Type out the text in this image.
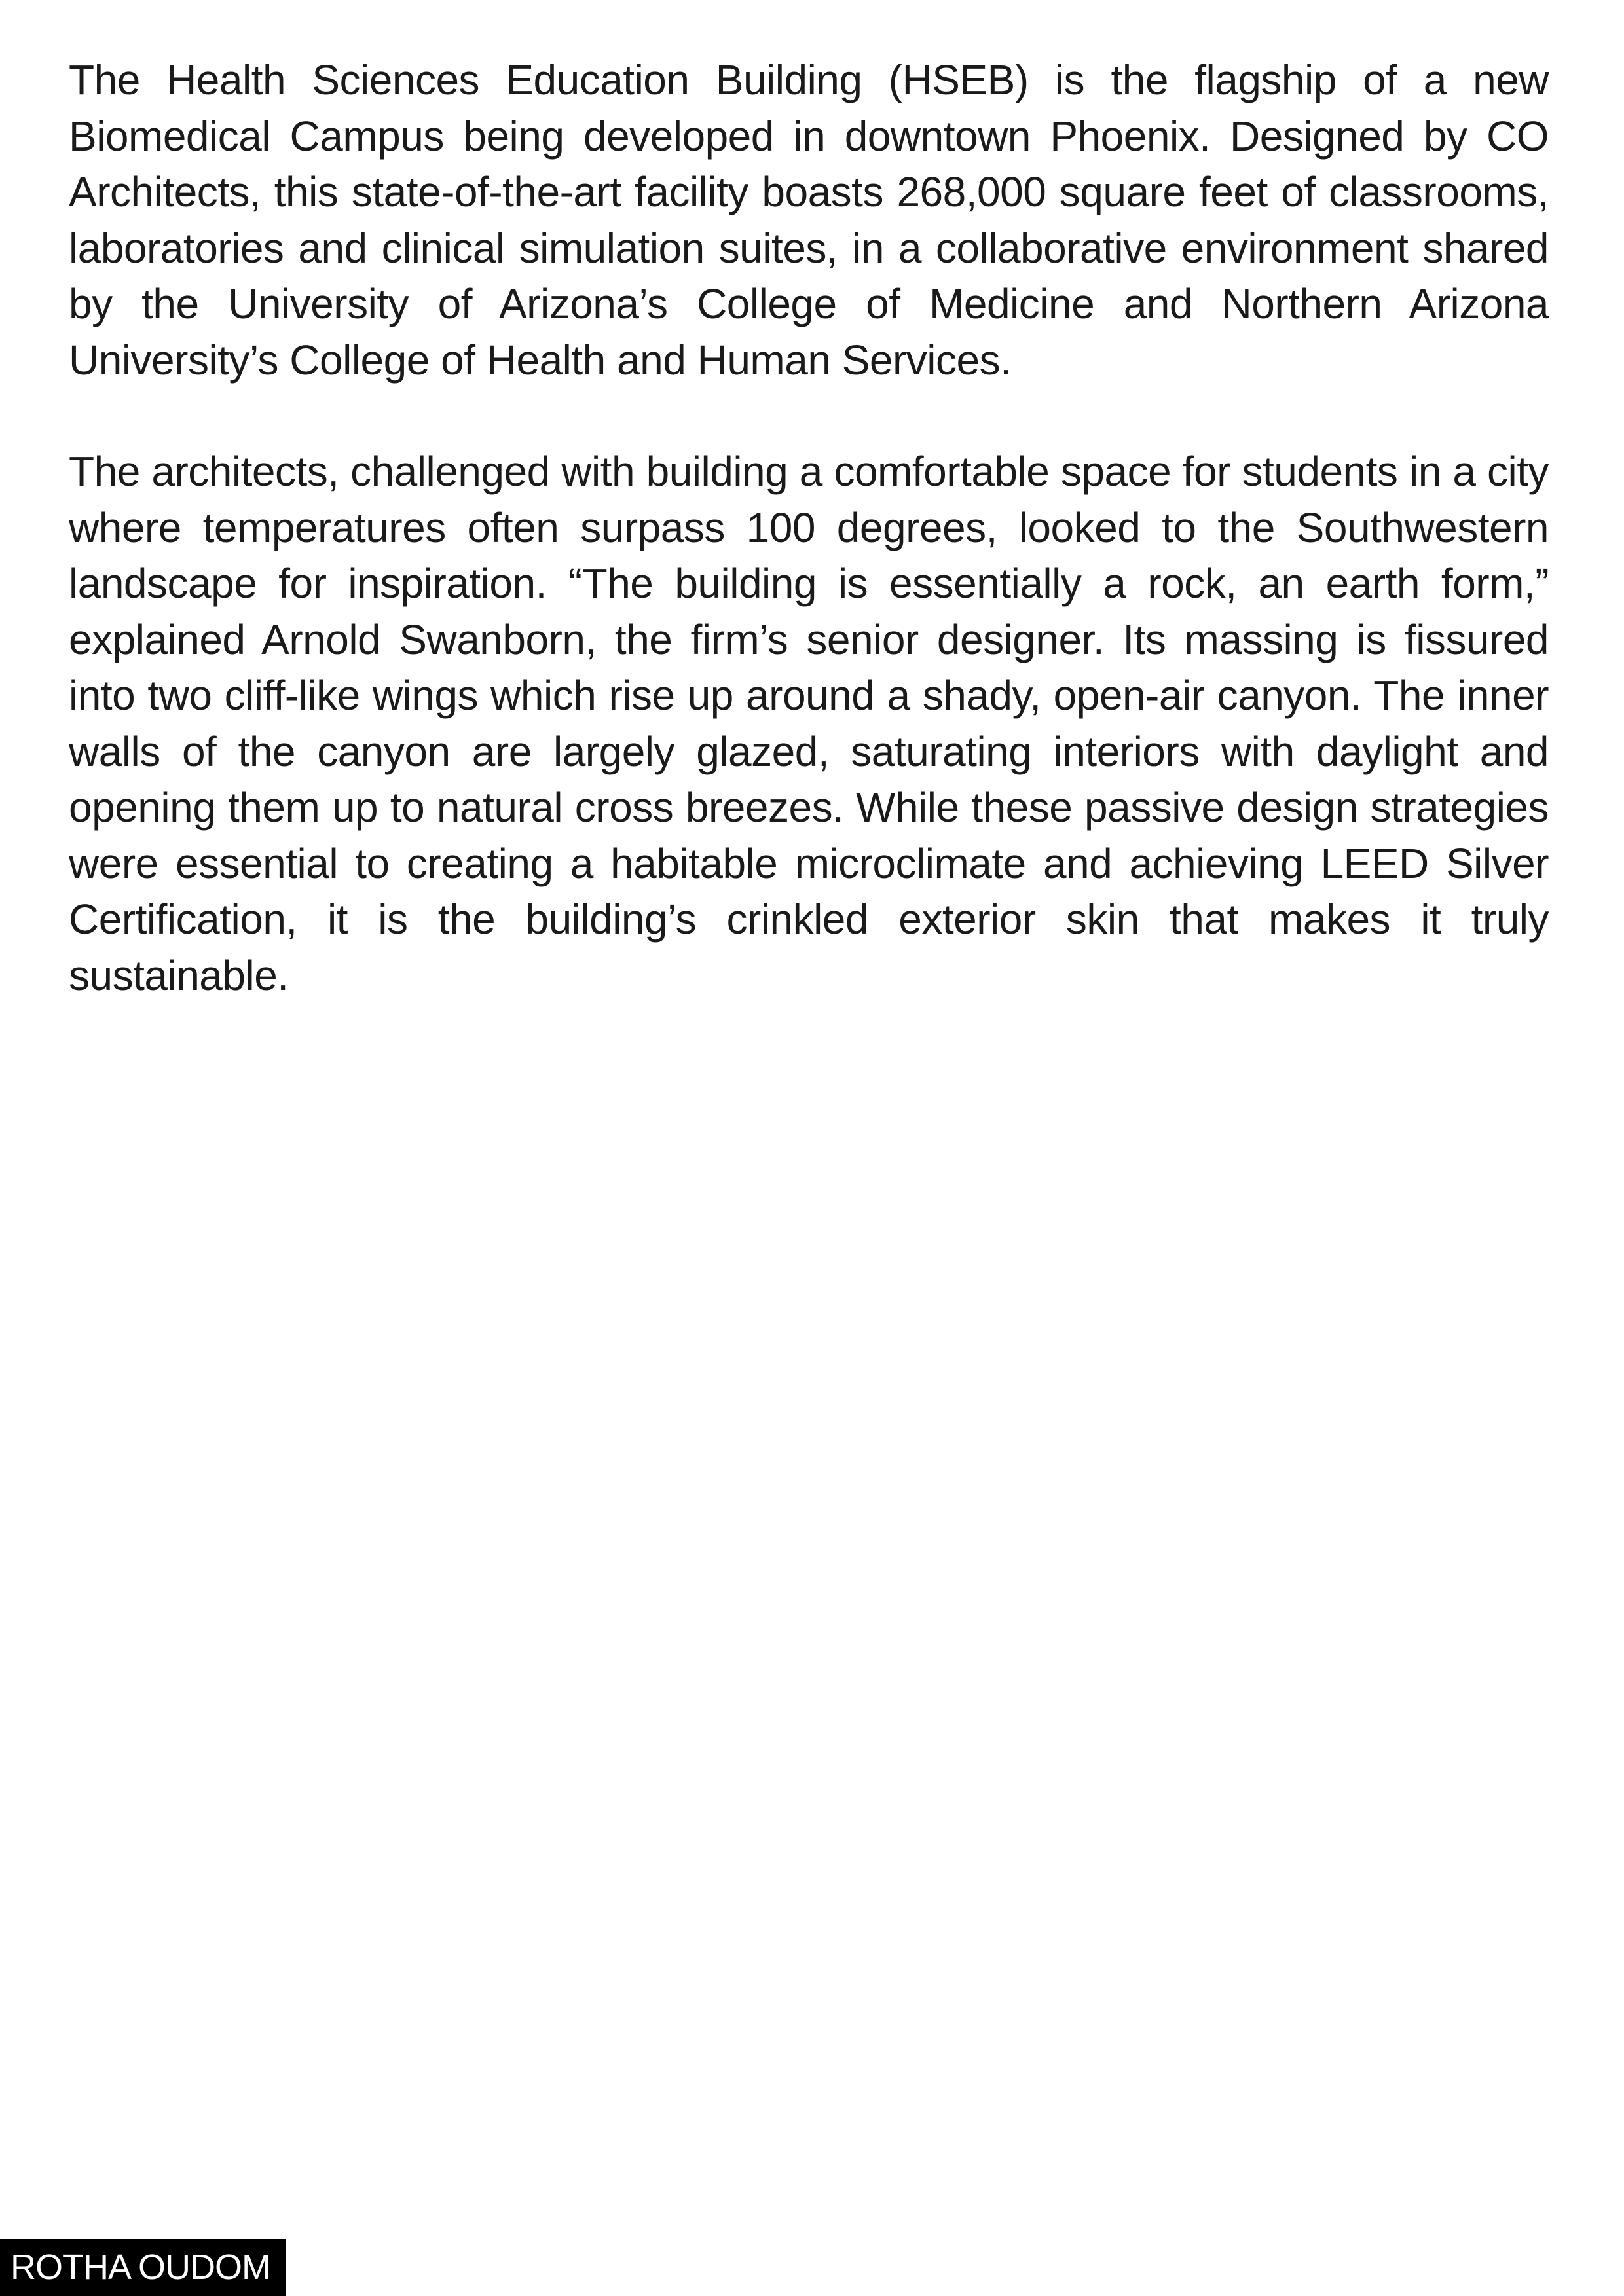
The Health Sciences Education Building (HSEB) is the flagship of a new Biomedical Campus being developed in downtown Phoenix. Designed by CO Architects, this state-of-the-art facility boasts 268,000 square feet of classrooms, laboratories and clinical simulation suites, in a collaborative environment shared by the University of Arizona’s College of Medicine and Northern Arizona University’s College of Health and Human Services.

The architects, challenged with building a comfortable space for students in a city where temperatures often surpass 100 degrees, looked to the Southwestern landscape for inspiration. “The building is essentially a rock, an earth form,” explained Arnold Swanborn, the firm’s senior designer. Its massing is fissured into two cliff-like wings which rise up around a shady, open-air canyon. The inner walls of the canyon are largely glazed, saturating interiors with daylight and opening them up to natural cross breezes. While these passive design strategies were essential to creating a habitable microclimate and achieving LEED Silver Certification, it is the building’s crinkled exterior skin that makes it truly sustainable.

ROTHA OUDOM
